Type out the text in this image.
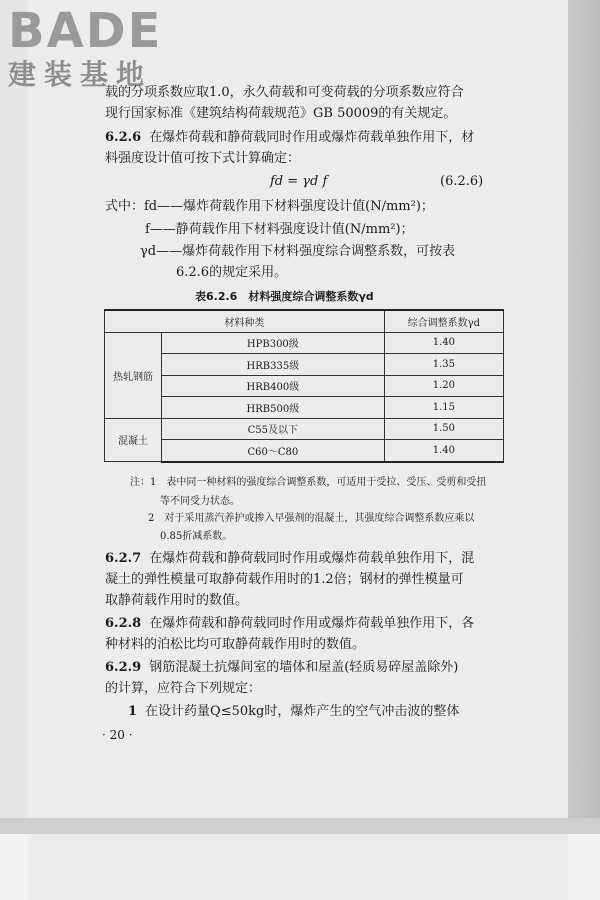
BADE
建装基地
载的分项系数应取1.0，永久荷载和可变荷载的分项系数应符合
现行国家标准《建筑结构荷载规范》GB 50009的有关规定。
6.2.6 在爆炸荷载和静荷载同时作用或爆炸荷载单独作用下，材
料强度设计值可按下式计算确定：
fd = γd f	(6.2.6)
式中：fd——爆炸荷载作用下材料强度设计值(N/mm²)；
f——静荷载作用下材料强度设计值(N/mm²)；
γd——爆炸荷载作用下材料强度综合调整系数，可按表
6.2.6的规定采用。
表6.2.6　材料强度综合调整系数γd
材料种类		综合调整系数γd
热轧钢筋	HPB300级	1.40
	HRB335级	1.35
	HRB400级	1.20
	HRB500级	1.15
混凝土	C55及以下	1.50
	C60～C80	1.40
注：1　表中同一种材料的强度综合调整系数，可适用于受拉、受压、受剪和受扭
等不同受力状态。
2　对于采用蒸汽养护或掺入早强剂的混凝土，其强度综合调整系数应乘以
0.85折减系数。
6.2.7 在爆炸荷载和静荷载同时作用或爆炸荷载单独作用下，混
凝土的弹性模量可取静荷载作用时的1.2倍；钢材的弹性模量可
取静荷载作用时的数值。
6.2.8 在爆炸荷载和静荷载同时作用或爆炸荷载单独作用下，各
种材料的泊松比均可取静荷载作用时的数值。
6.2.9 钢筋混凝土抗爆间室的墙体和屋盖(轻质易碎屋盖除外)
的计算，应符合下列规定：
1 在设计药量Q≤50kg时，爆炸产生的空气冲击波的整体
· 20 ·
